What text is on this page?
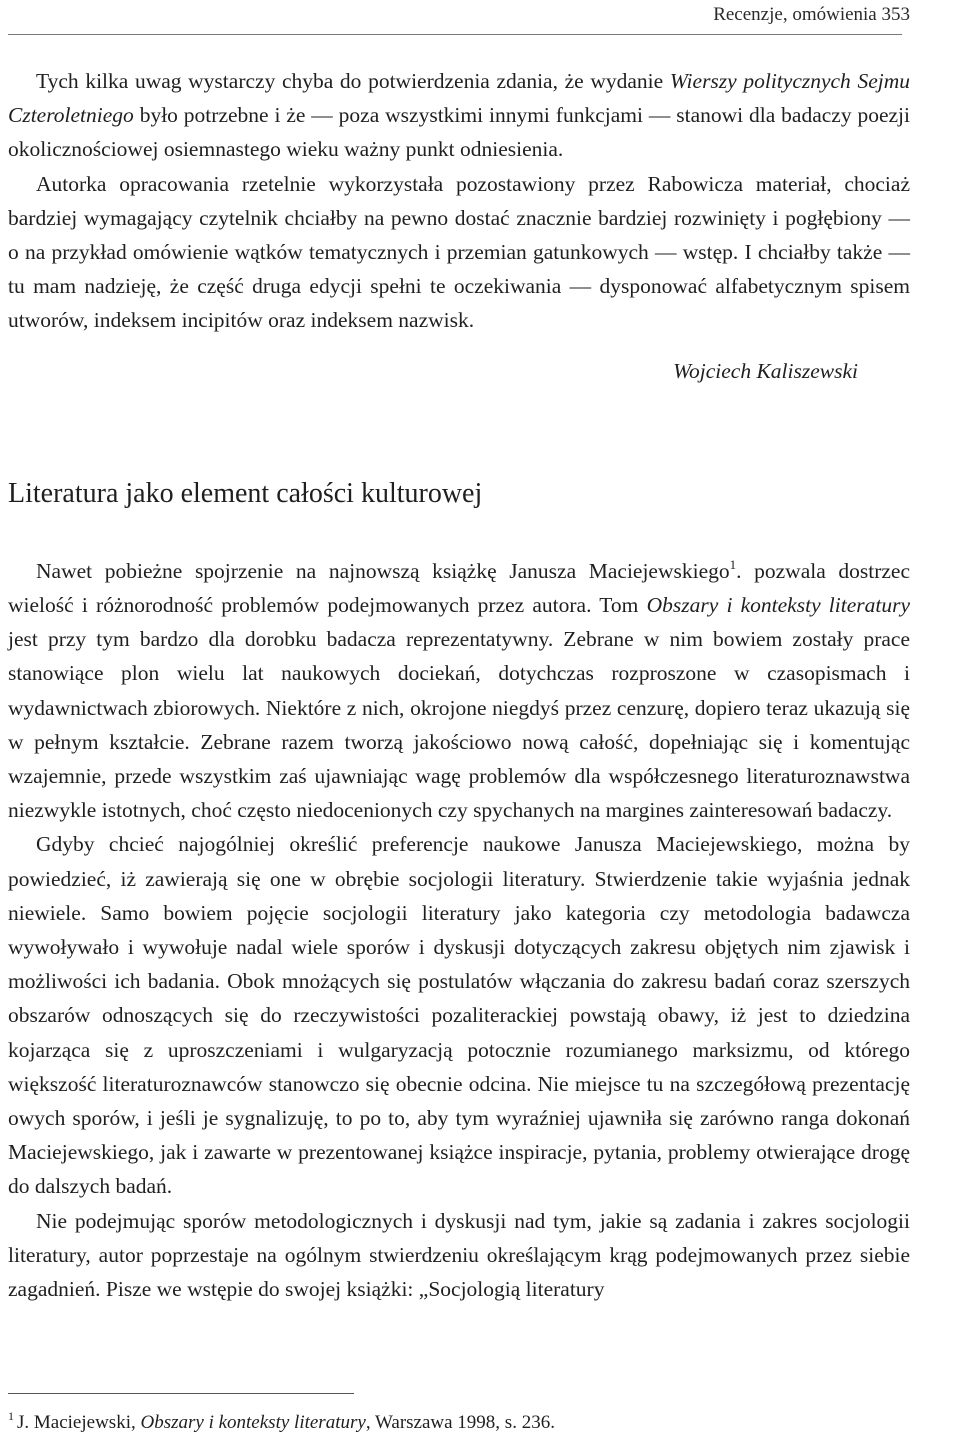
Recenzje, omówienia 353

Tych kilka uwag wystarczy chyba do potwierdzenia zdania, że wydanie Wierszy politycznych Sejmu Czteroletniego było potrzebne i że — poza wszystkimi innymi funkcjami — stanowi dla badaczy poezji okolicznościowej osiemnastego wieku ważny punkt odniesienia.

Autorka opracowania rzetelnie wykorzystała pozostawiony przez Rabowicza materiał, chociaż bardziej wymagający czytelnik chciałby na pewno dostać znacznie bardziej rozwinięty i pogłębiony — o na przykład omówienie wątków tematycznych i przemian gatunkowych — wstęp. I chciałby także — tu mam nadzieję, że część druga edycji spełni te oczekiwania — dysponować alfabetycznym spisem utworów, indeksem incipitów oraz indeksem nazwisk.

Wojciech Kaliszewski
Literatura jako element całości kulturowej

Nawet pobieżne spojrzenie na najnowszą książkę Janusza Maciejewskiego$^1$. pozwala dostrzec wielość i różnorodność problemów podejmowanych przez autora. Tom Obszary i konteksty literatury jest przy tym bardzo dla dorobku badacza reprezentatywny. Zebrane w nim bowiem zostały prace stanowiące plon wielu lat naukowych dociekań, dotychczas rozproszone w czasopismach i wydawnictwach zbiorowych. Niektóre z nich, okrojone niegdyś przez cenzurę, dopiero teraz ukazują się w pełnym kształcie. Zebrane razem tworzą jakościowo nową całość, dopełniając się i komentując wzajemnie, przede wszystkim zaś ujawniając wagę problemów dla współczesnego literaturoznawstwa niezwykle istotnych, choć często niedocenionych czy spychanych na margines zainteresowań badaczy.

Gdyby chcieć najogólniej określić preferencje naukowe Janusza Maciejewskiego, można by powiedzieć, iż zawierają się one w obrębie socjologii literatury. Stwierdzenie takie wyjaśnia jednak niewiele. Samo bowiem pojęcie socjologii literatury jako kategoria czy metodologia badawcza wywoływało i wywołuje nadal wiele sporów i dyskusji dotyczących zakresu objętych nim zjawisk i możliwości ich badania. Obok mnożących się postulatów włączania do zakresu badań coraz szerszych obszarów odnoszących się do rzeczywistości pozaliterackiej powstają obawy, iż jest to dziedzina kojarząca się z uproszczeniami i wulgaryzacją potocznie rozumianego marksizmu, od którego większość literaturoznawców stanowczo się obecnie odcina. Nie miejsce tu na szczegółową prezentację owych sporów, i jeśli je sygnalizuję, to po to, aby tym wyraźniej ujawniła się zarówno ranga dokonań Maciejewskiego, jak i zawarte w prezentowanej książce inspiracje, pytania, problemy otwierające drogę do dalszych badań.

Nie podejmując sporów metodologicznych i dyskusji nad tym, jakie są zadania i zakres socjologii literatury, autor poprzestaje na ogólnym stwierdzeniu określającym krąg podejmowanych przez siebie zagadnień. Pisze we wstępie do swojej książki: „Socjologią literatury

$^1$ J. Maciejewski, Obszary i konteksty literatury, Warszawa 1998, s. 236.
